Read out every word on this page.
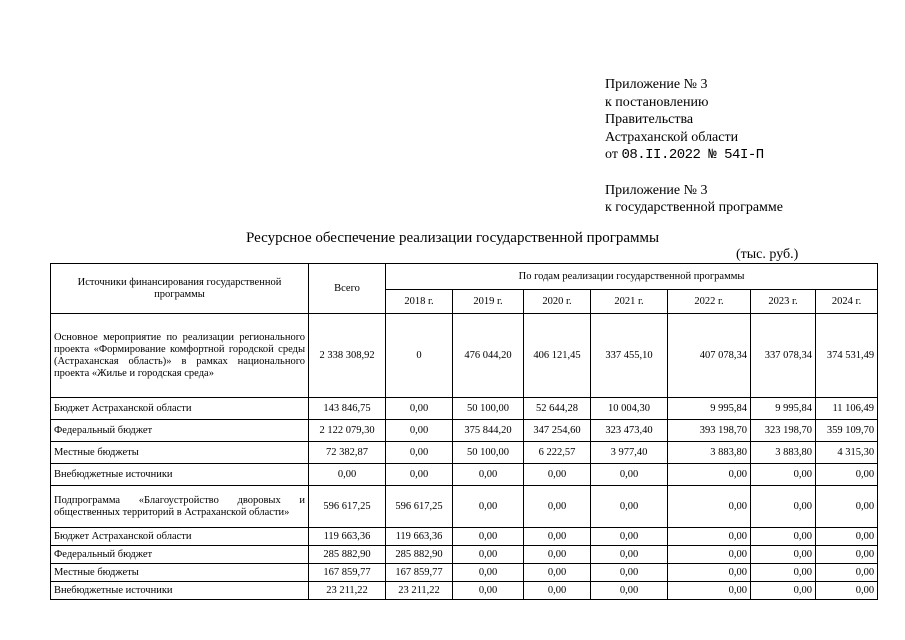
Приложение № 3
к постановлению
Правительства
Астраханской области
от 08.II.2022 № 54I-П
Приложение № 3
к государственной программе
Ресурсное обеспечение реализации государственной программы
(тыс. руб.)
Источники финансирования государственной программы	Всего	По годам реализации государственной программы						
		2018 г.	2019 г.	2020 г.	2021 г.	2022 г.	2023 г.	2024 г.
Основное мероприятие по реализации регионального проекта «Формирование комфортной городской среды (Астраханская область)» в рамках национального проекта «Жилье и городская среда»	2 338 308,92	0	476 044,20	406 121,45	337 455,10	407 078,34	337 078,34	374 531,49
Бюджет Астраханской области	143 846,75	0,00	50 100,00	52 644,28	10 004,30	9 995,84	9 995,84	11 106,49
Федеральный бюджет	2 122 079,30	0,00	375 844,20	347 254,60	323 473,40	393 198,70	323 198,70	359 109,70
Местные бюджеты	72 382,87	0,00	50 100,00	6 222,57	3 977,40	3 883,80	3 883,80	4 315,30
Внебюджетные источники	0,00	0,00	0,00	0,00	0,00	0,00	0,00	0,00
Подпрограмма «Благоустройство дворовых и общественных территорий в Астраханской области»	596 617,25	596 617,25	0,00	0,00	0,00	0,00	0,00	0,00
Бюджет Астраханской области	119 663,36	119 663,36	0,00	0,00	0,00	0,00	0,00	0,00
Федеральный бюджет	285 882,90	285 882,90	0,00	0,00	0,00	0,00	0,00	0,00
Местные бюджеты	167 859,77	167 859,77	0,00	0,00	0,00	0,00	0,00	0,00
Внебюджетные источники	23 211,22	23 211,22	0,00	0,00	0,00	0,00	0,00	0,00
